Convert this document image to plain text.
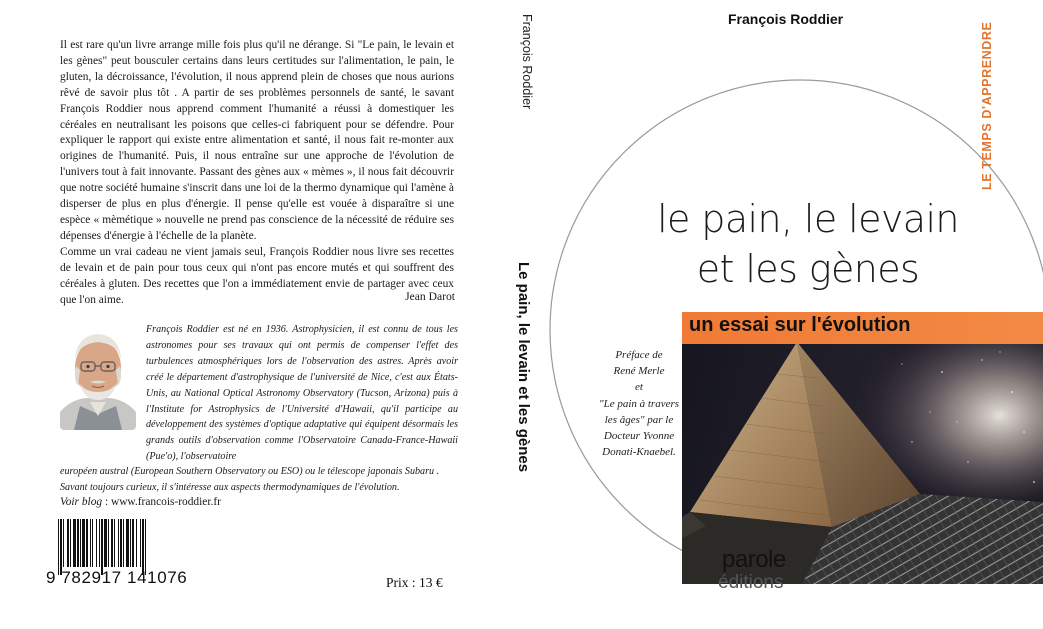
Il est rare qu'un livre arrange mille fois plus qu'il ne dérange. Si "Le pain, le levain et les gènes" peut bousculer certains dans leurs certitudes sur l'alimentation, le pain, le gluten, la décroissance, l'évolution, il nous apprend plein de choses que nous aurions rêvé de savoir plus tôt . A partir de ses problèmes personnels de santé, le savant François Roddier nous apprend comment l'humanité a réussi à domestiquer les céréales en neutralisant les poisons que celles-ci fabriquent pour se défendre. Pour expliquer le rapport qui existe entre alimentation et santé, il nous fait re-monter aux origines de l'humanité. Puis, il nous entraîne sur une approche de l'évolution de l'univers tout à fait innovante. Passant des gènes aux « mèmes », il nous fait découvrir que notre société humaine s'inscrit dans une loi de la thermo dynamique qui l'amène à disperser de plus en plus d'énergie. Il pense qu'elle est vouée à disparaître si une espèce « mèmétique » nouvelle ne prend pas conscience de la nécessité de réduire ses dépenses d'énergie à l'échelle de la planète.

Comme un vrai cadeau ne vient jamais seul, François Roddier nous livre ses recettes de levain et de pain pour tous ceux qui n'ont pas encore mutés et qui souffrent des céréales à gluten. Des recettes que l'on a immédiatement envie de partager avec ceux que l'on aime.	Jean Darot
François Roddier est né en 1936. Astrophysicien, il est connu de tous les astronomes pour ses travaux qui ont permis de compenser l'effet des turbulences atmosphériques lors de l'observation des astres. Après avoir créé le département d'astrophysique de l'université de Nice, c'est aux États-Unis, au National Optical Astronomy Observatory (Tucson, Arizona) puis à l'Institute for Astrophysics de l'Université d'Hawaii, qu'il participe au développement des systèmes d'optique adaptative qui équipent désormais les grands outils d'observation comme l'Observatoire Canada-France-Hawaii (Pue'o), l'observatoire
européen austral (European Southern Observatory ou ESO) ou le télescope japonais Subaru . Savant toujours curieux, il s'intéresse aux aspects thermodynamiques de l'évolution.
Voir blog : www.francois-roddier.fr
9 782917 141076	Prix : 13 €
François Roddier
Le pain, le levain et les gènes
François Roddier
LE TEMPS D'APPRENDRE
le pain, le levain
et les gènes
un essai sur l'évolution
Préface de
René Merle
et
"Le pain à travers
les âges" par le
Docteur Yvonne
Donati-Knaebel.
parole
éditions
